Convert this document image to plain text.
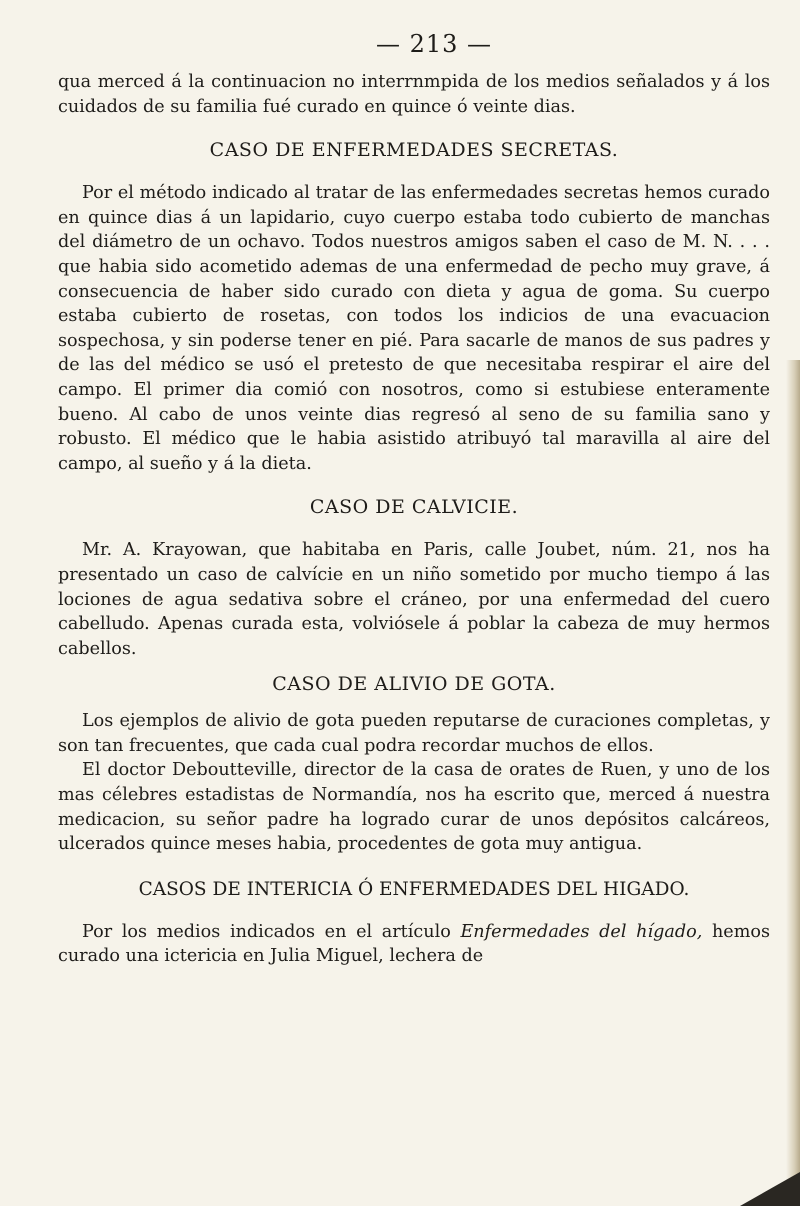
— 213 —

qua merced á la continuacion no interrnmpida de los medios señalados y á los cuidados de su familia fué curado en quince ó veinte dias.

CASO DE ENFERMEDADES SECRETAS.

Por el método indicado al tratar de las enfermedades secretas hemos curado en quince dias á un lapidario, cuyo cuerpo estaba todo cubierto de manchas del diámetro de un ochavo. Todos nuestros amigos saben el caso de M. N. . . . que habia sido acometido ademas de una enfermedad de pecho muy grave, á consecuencia de haber sido curado con dieta y agua de goma. Su cuerpo estaba cubierto de rosetas, con todos los indicios de una evacuacion sospechosa, y sin poderse tener en pié. Para sacarle de manos de sus padres y de las del médico se usó el pretesto de que necesitaba respirar el aire del campo. El primer dia comió con nosotros, como si estubiese enteramente bueno. Al cabo de unos veinte dias regresó al seno de su familia sano y robusto. El médico que le habia asistido atribuyó tal maravilla al aire del campo, al sueño y á la dieta.

CASO DE CALVICIE.

Mr. A. Krayowan, que habitaba en Paris, calle Joubet, núm. 21, nos ha presentado un caso de calvície en un niño sometido por mucho tiempo á las lociones de agua sedativa sobre el cráneo, por una enfermedad del cuero cabelludo. Apenas curada esta, volviósele á poblar la cabeza de muy hermos cabellos.

CASO DE ALIVIO DE GOTA.

Los ejemplos de alivio de gota pueden reputarse de curaciones completas, y son tan frecuentes, que cada cual podra recordar muchos de ellos.

El doctor Deboutteville, director de la casa de orates de Ruen, y uno de los mas célebres estadistas de Normandía, nos ha escrito que, merced á nuestra medicacion, su señor padre ha logrado curar de unos depósitos calcáreos, ulcerados quince meses habia, procedentes de gota muy antigua.

CASOS DE INTERICIA Ó ENFERMEDADES DEL HIGADO.

Por los medios indicados en el artículo Enfermedades del hígado, hemos curado una ictericia en Julia Miguel, lechera de
